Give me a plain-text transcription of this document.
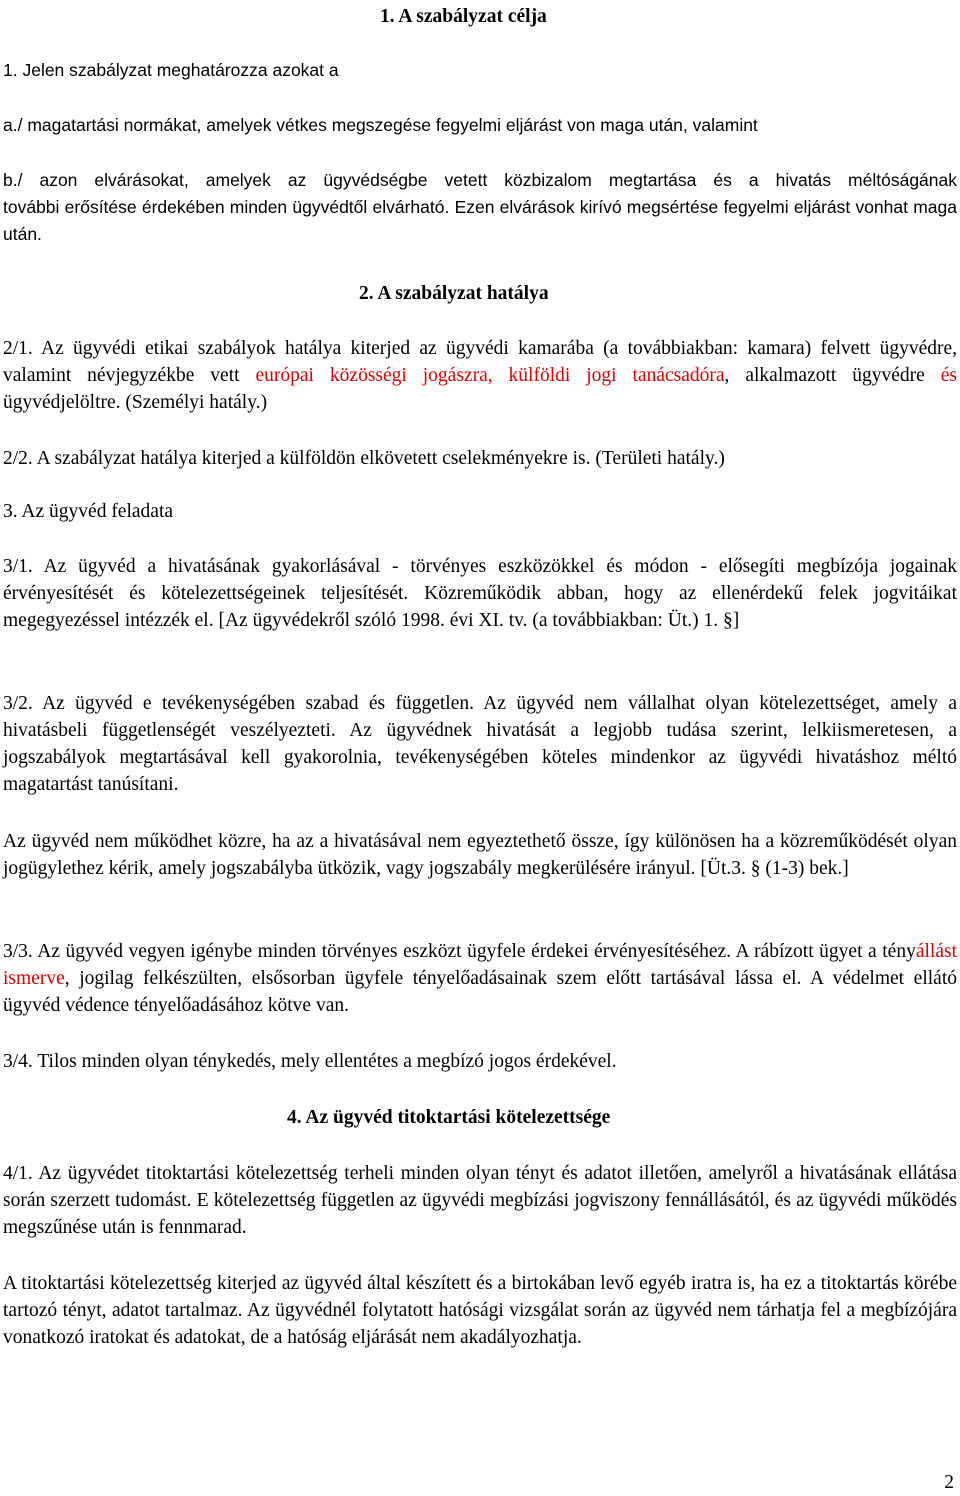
1. A szabályzat célja

1. Jelen szabályzat meghatározza azokat a

a./ magatartási normákat, amelyek vétkes megszegése fegyelmi eljárást von maga után, valamint

b./ azon elvárásokat, amelyek az ügyvédségbe vetett közbizalom megtartása és a hivatás méltóságának

további erősítése érdekében minden ügyvédtől elvárható. Ezen elvárások kirívó megsértése fegyelmi eljárást vonhat maga után.

2. A szabályzat hatálya

2/1. Az ügyvédi etikai szabályok hatálya kiterjed az ügyvédi kamarába (a továbbiakban: kamara) felvett ügyvédre, valamint névjegyzékbe vett európai közösségi jogászra, külföldi jogi tanácsadóra, alkalmazott ügyvédre és ügyvédjelöltre. (Személyi hatály.)

2/2. A szabályzat hatálya kiterjed a külföldön elkövetett cselekményekre is. (Területi hatály.)

3. Az ügyvéd feladata

3/1. Az ügyvéd a hivatásának gyakorlásával - törvényes eszközökkel és módon - elősegíti megbízója jogainak érvényesítését és kötelezettségeinek teljesítését. Közreműködik abban, hogy az ellenérdekű felek jogvitáikat megegyezéssel intézzék el. [Az ügyvédekről szóló 1998. évi XI. tv. (a továbbiakban: Üt.) 1. §]

3/2. Az ügyvéd e tevékenységében szabad és független. Az ügyvéd nem vállalhat olyan kötelezettséget, amely a hivatásbeli függetlenségét veszélyezteti. Az ügyvédnek hivatását a legjobb tudása szerint, lelkiismeretesen, a jogszabályok megtartásával kell gyakorolnia, tevékenységében köteles mindenkor az ügyvédi hivatáshoz méltó magatartást tanúsítani.

Az ügyvéd nem működhet közre, ha az a hivatásával nem egyeztethető össze, így különösen ha a közreműködését olyan jogügylethez kérik, amely jogszabályba ütközik, vagy jogszabály megkerülésére irányul. [Üt.3. § (1-3) bek.]

3/3. Az ügyvéd vegyen igénybe minden törvényes eszközt ügyfele érdekei érvényesítéséhez. A rábízott ügyet a tényállást ismerve, jogilag felkészülten, elsősorban ügyfele tényelőadásainak szem előtt tartásával lássa el. A védelmet ellátó ügyvéd védence tényelőadásához kötve van.

3/4. Tilos minden olyan ténykedés, mely ellentétes a megbízó jogos érdekével.

4. Az ügyvéd titoktartási kötelezettsége

4/1. Az ügyvédet titoktartási kötelezettség terheli minden olyan tényt és adatot illetően, amelyről a hivatásának ellátása során szerzett tudomást. E kötelezettség független az ügyvédi megbízási jogviszony fennállásától, és az ügyvédi működés megszűnése után is fennmarad.

A titoktartási kötelezettség kiterjed az ügyvéd által készített és a birtokában levő egyéb iratra is, ha ez a titoktartás körébe tartozó tényt, adatot tartalmaz. Az ügyvédnél folytatott hatósági vizsgálat során az ügyvéd nem tárhatja fel a megbízójára vonatkozó iratokat és adatokat, de a hatóság eljárását nem akadályozhatja.

2
